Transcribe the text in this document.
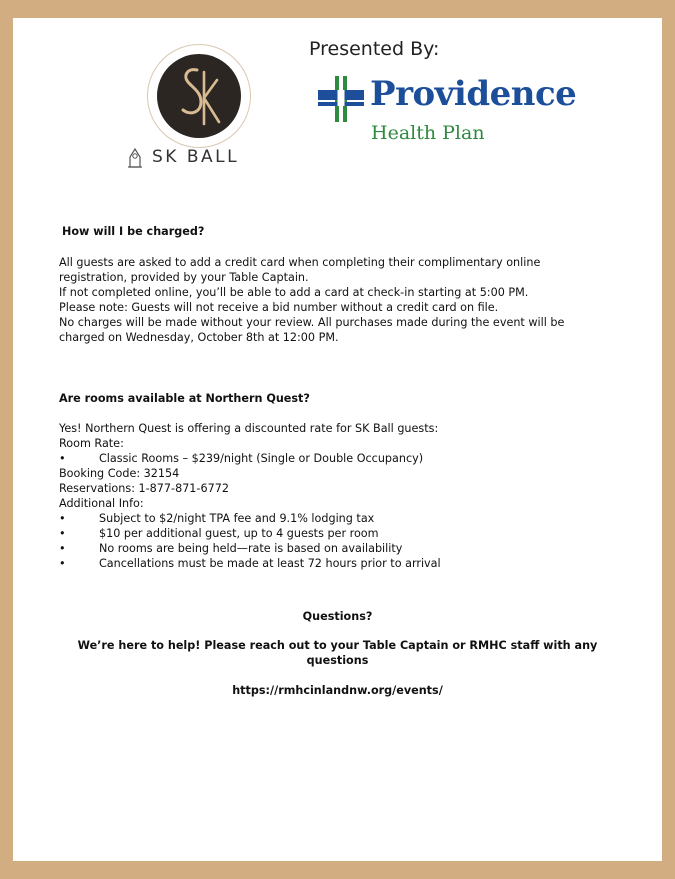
SK BALL
Presented By:
Providence
Health Plan
How will I be charged?
All guests are asked to add a credit card when completing their complimentary online
registration, provided by your Table Captain.
If not completed online, you’ll be able to add a card at check-in starting at 5:00 PM.
Please note: Guests will not receive a bid number without a credit card on file.
No charges will be made without your review. All purchases made during the event will be
charged on Wednesday, October 8th at 12:00 PM.
Are rooms available at Northern Quest?
Yes! Northern Quest is offering a discounted rate for SK Ball guests:
Room Rate:
•	Classic Rooms – $239/night (Single or Double Occupancy)
Booking Code: 32154
Reservations: 1-877-871-6772
Additional Info:
•	Subject to $2/night TPA fee and 9.1% lodging tax
•	$10 per additional guest, up to 4 guests per room
•	No rooms are being held—rate is based on availability
•	Cancellations must be made at least 72 hours prior to arrival
Questions?
We’re here to help! Please reach out to your Table Captain or RMHC staff with any
questions
https://rmhcinlandnw.org/events/
